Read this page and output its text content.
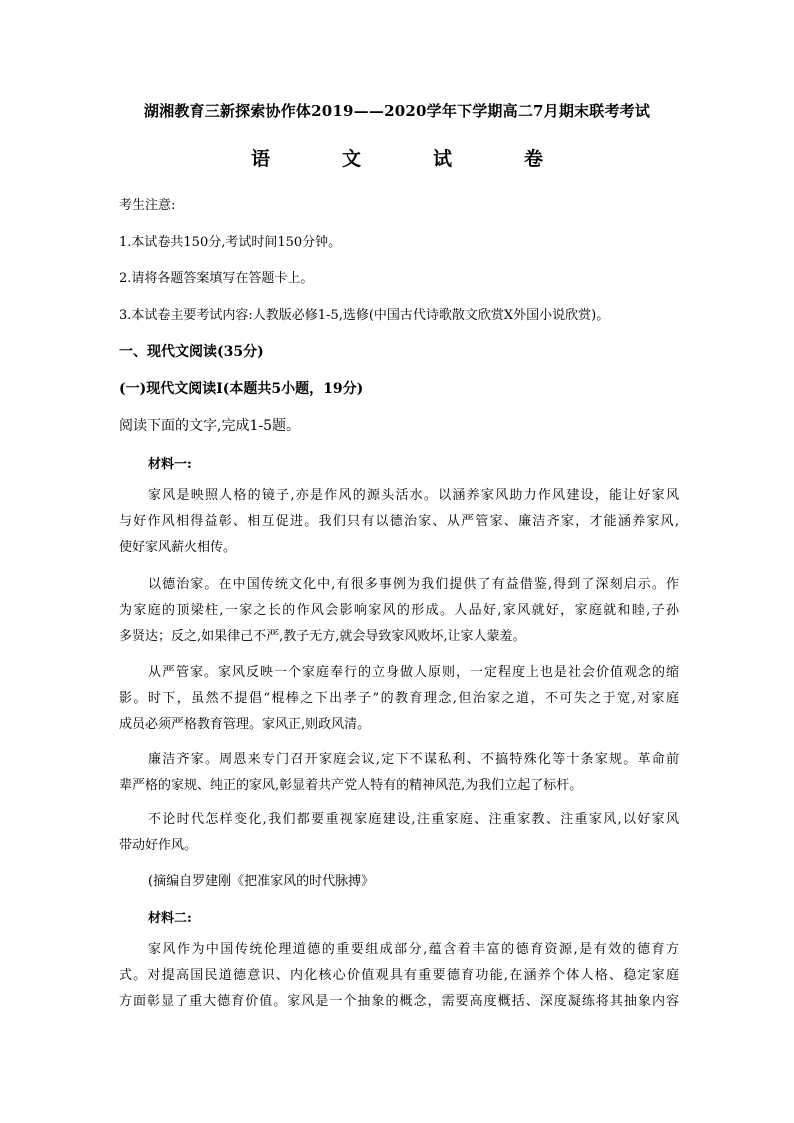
湖湘教育三新探索协作体2019——2020学年下学期高二7月期末联考考试
语文试卷
考生注意:
1.本试卷共150分,考试时间150分钟。
2.请将各题答案填写在答题卡上。
3.本试卷主要考试内容:人教版必修1-5,选修(中国古代诗歌散文欣赏X外国小说欣赏)。
一、现代文阅读(35分)
(一)现代文阅读Ⅰ(本题共5小题，19分)
阅读下面的文字,完成1-5题。
材料一:
家风是映照人格的镜子,亦是作风的源头活水。以涵养家风助力作风建设，能让好家风
与好作风相得益彰、相互促进。我们只有以德治家、从严管家、廉洁齐家，才能涵养家风,
使好家风薪火相传。
以德治家。在中国传统文化中,有很多事例为我们提供了有益借鉴,得到了深刻启示。作
为家庭的顶梁柱,一家之长的作风会影响家风的形成。人品好,家风就好，家庭就和睦,子孙
多贤达；反之,如果律己不严,教子无方,就会导致家风败坏,让家人蒙羞。
从严管家。家风反映一个家庭奉行的立身做人原则，一定程度上也是社会价值观念的缩
影。时下，虽然不提倡“棍棒之下出孝子”的教育理念,但治家之道，不可失之于宽,对家庭
成员必须严格教育管理。家风正,则政风清。
廉洁齐家。周恩来专门召开家庭会议,定下不谋私利、不搞特殊化等十条家规。革命前
辈严格的家规、纯正的家风,彰显着共产党人特有的精神风范,为我们立起了标杆。
不论时代怎样变化,我们都要重视家庭建设,注重家庭、注重家教、注重家风,以好家风
带动好作风。
(摘编自罗建刚《把准家风的时代脉搏》
材料二:
家风作为中国传统伦理道德的重要组成部分,蕴含着丰富的德育资源,是有效的德育方
式。对提高国民道德意识、内化核心价值观具有重要德育功能,在涵养个体人格、稳定家庭
方面彰显了重大德育价值。家风是一个抽象的概念，需要高度概括、深度凝练将其抽象内容
